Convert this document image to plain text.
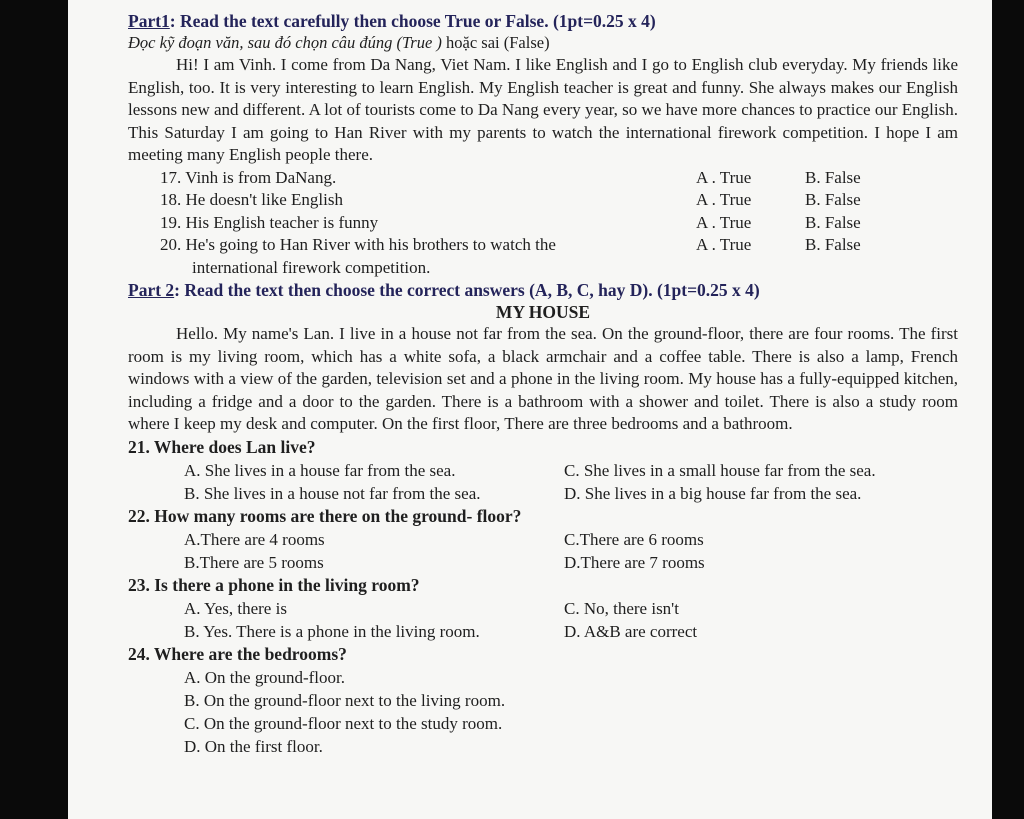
Part1: Read the text carefully then choose True or False. (1pt=0.25 x 4)
Đọc kỹ đoạn văn, sau đó chọn câu đúng (True ) hoặc sai (False)

Hi! I am Vinh. I come from Da Nang, Viet Nam. I like English and I go to English club everyday. My friends like English, too. It is very interesting to learn English. My English teacher is great and funny. She always makes our English lessons new and different. A lot of tourists come to Da Nang every year, so we have more chances to practice our English. This Saturday I am going to Han River with my parents to watch the international firework competition. I hope I am meeting many English people there.

17. Vinh is from DaNang.	A . True	B. False
18. He doesn't like English	A . True	B. False
19. His English teacher is funny	A . True	B. False
20. He's going to Han River with his brothers to watch the	A . True	B. False
international firework competition.
Part 2: Read the text then choose the correct answers (A, B, C, hay D). (1pt=0.25 x 4)
MY HOUSE

Hello. My name's Lan. I live in a house not far from the sea. On the ground-floor, there are four rooms. The first room is my living room, which has a white sofa, a black armchair and a coffee table. There is also a lamp, French windows with a view of the garden, television set and a phone in the living room. My house has a fully-equipped kitchen, including a fridge and a door to the garden. There is a bathroom with a shower and toilet. There is also a study room where I keep my desk and computer. On the first floor, There are three bedrooms and a bathroom.

21. Where does Lan live?
A. She lives in a house far from the sea.	C. She lives in a small house far from the sea.
B. She lives in a house not far from the sea.	D. She lives in a big house far from the sea.
22. How many rooms are there on the ground- floor?
A.There are 4 rooms	C.There are 6 rooms
B.There are 5 rooms	D.There are 7 rooms
23. Is there a phone in the living room?
A. Yes, there is	C. No, there isn't
B. Yes. There is a phone in the living room.	D. A&B are correct
24. Where are the bedrooms?
A. On the ground-floor.
B. On the ground-floor next to the living room.
C. On the ground-floor next to the study room.
D. On the first floor.
